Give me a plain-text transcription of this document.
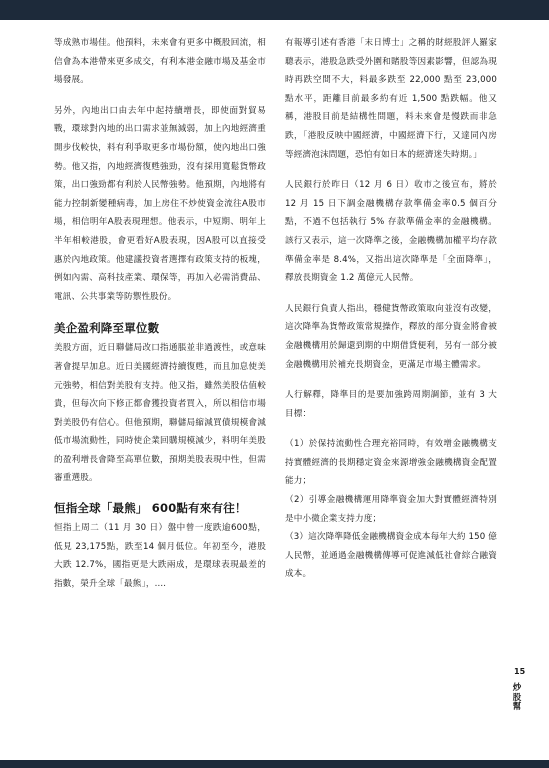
等成熟市場佳。他預料，未來會有更多中概股回流，相信會為本港帶來更多成交，有利本港金融市場及基金市場發展。

另外，內地出口由去年中起持續增長，即使面對貿易戰，環球對內地的出口需求並無減弱，加上內地經濟重開步伐較快，料有利爭取更多市場份額，使內地出口強勢。他又指，內地經濟復甦強勁，沒有採用寬鬆貨幣政策，出口強勁都有利於人民幣強勢。他預期，內地將有能力控制新變種病毒，加上房住不炒使資金流往A股市場，相信明年A股表現理想。他表示，中短期、明年上半年相較港股，會更看好A股表現，因A股可以直接受惠於內地政策。他建議投資者選擇有政策支持的板塊，例如內需、高科技產業、環保等，再加入必需消費品、電訊、公共事業等防禦性股份。

美企盈利降至單位數

美股方面，近日聯儲局改口指通脹並非過渡性，或意味著會提早加息。近日美國經濟持續復甦，而且加息使美元強勢，相信對美股有支持。他又指，雖然美股估值較貴，但每次向下修正都會獲投資者買入，所以相信市場對美股仍有信心。但他預期，聯儲局縮減買債規模會減低市場流動性，同時使企業回購規模減少，料明年美股的盈利增長會降至高單位數，預期美股表現中性，但需審重選股。

恒指全球「最熊」 600點有來有往！

恒指上周二（11 月 30 日）盤中曾一度跌逾600點，低見 23,175點，跌至14 個月低位。年初至今，港股大跌 12.7%，國指更是大跌兩成，是環球表現最差的指數，榮升全球「最熊」，....

有報導引述有香港「末日博士」之稱的財經股評人羅家聰表示，港股急跌受外圍和賭股等因素影響，但認為現時再跌空間不大，料最多跌至 22,000 點至 23,000 點水平，距離目前最多約有近 1,500 點跌幅。他又稱，港股目前是結構性問題，料未來會是慢跌而非急跌，「港股反映中國經濟，中國經濟下行，又達同內房等經濟泡沫問題，恐怕有如日本的經濟迷失時期。」

人民銀行於昨日（12 月 6 日）收市之後宣布，將於 12 月 15 日下調金融機構存款準備金率0.5 個百分點，不過不包括執行 5% 存款準備金率的金融機構。該行又表示，這一次降準之後，金融機構加權平均存款準備金率是 8.4%，又指出這次降準是「全面降準」，釋放長期資金 1.2 萬億元人民幣。

人民銀行負責人指出，穩健貨幣政策取向並沒有改變，這次降準為貨幣政策常規操作，釋放的部分資金將會被金融機構用於歸還到期的中期借貸便利，另有一部分被金融機構用於補充長期資金，更滿足市場主體需求。

人行解釋，降準目的是要加強跨周期調節，並有 3 大目標：

（1）於保持流動性合理充裕同時，有效增金融機構支持實體經濟的長期穩定資金來源增強金融機構資金配置能力；

（2）引導金融機構運用降準資金加大對實體經濟特別是中小微企業支持力度；

（3）這次降準降低金融機構資金成本每年大約 150 億人民幣，並通過金融機構傳導可促進減低社會綜合融資成本。

15
炒股幫
